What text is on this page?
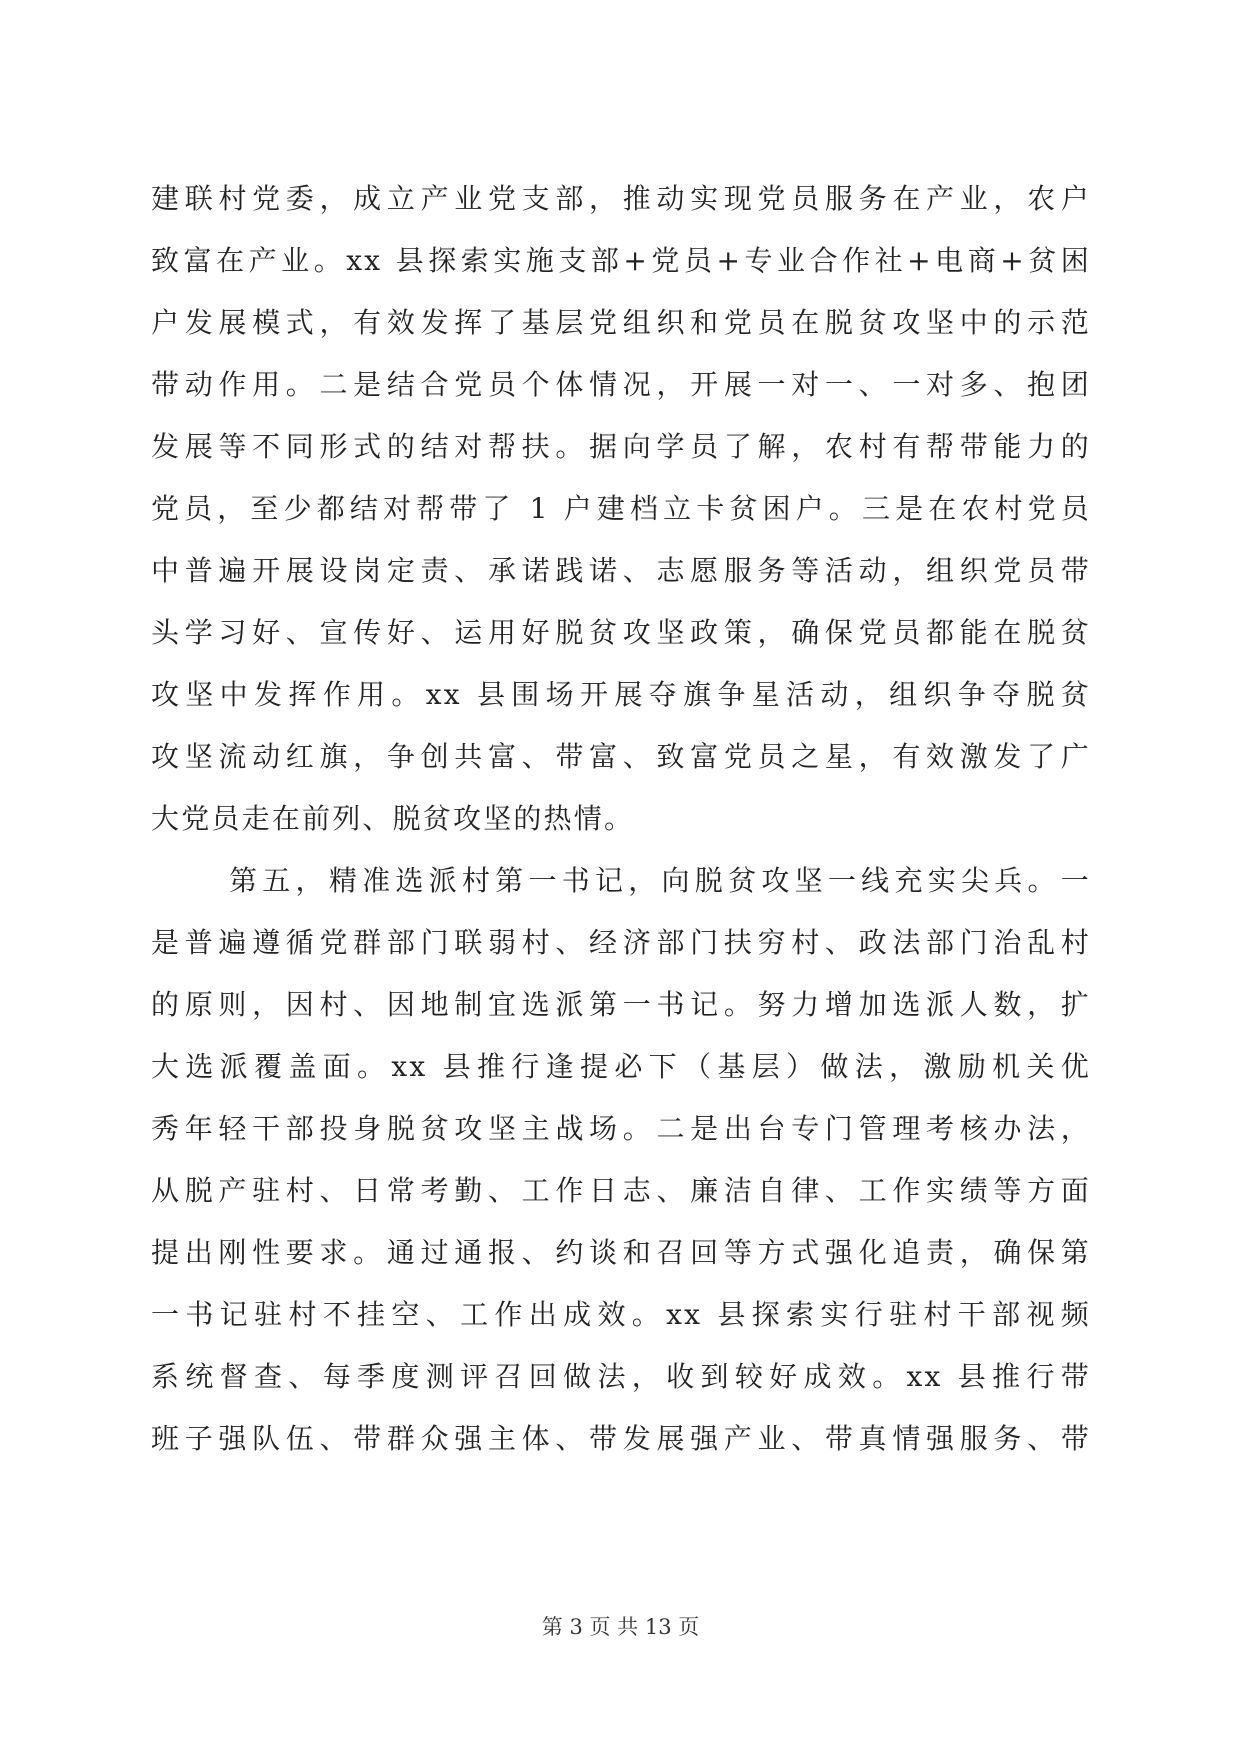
建联村党委，成立产业党支部，推动实现党员服务在产业，农户
致富在产业。xx 县探索实施支部+党员+专业合作社+电商+贫困
户发展模式，有效发挥了基层党组织和党员在脱贫攻坚中的示范
带动作用。二是结合党员个体情况，开展一对一、一对多、抱团
发展等不同形式的结对帮扶。据向学员了解，农村有帮带能力的
党员，至少都结对帮带了 1 户建档立卡贫困户。三是在农村党员
中普遍开展设岗定责、承诺践诺、志愿服务等活动，组织党员带
头学习好、宣传好、运用好脱贫攻坚政策，确保党员都能在脱贫
攻坚中发挥作用。xx 县围场开展夺旗争星活动，组织争夺脱贫
攻坚流动红旗，争创共富、带富、致富党员之星，有效激发了广
大党员走在前列、脱贫攻坚的热情。
第五，精准选派村第一书记，向脱贫攻坚一线充实尖兵。一
是普遍遵循党群部门联弱村、经济部门扶穷村、政法部门治乱村
的原则，因村、因地制宜选派第一书记。努力增加选派人数，扩
大选派覆盖面。xx 县推行逢提必下（基层）做法，激励机关优
秀年轻干部投身脱贫攻坚主战场。二是出台专门管理考核办法，
从脱产驻村、日常考勤、工作日志、廉洁自律、工作实绩等方面
提出刚性要求。通过通报、约谈和召回等方式强化追责，确保第
一书记驻村不挂空、工作出成效。xx 县探索实行驻村干部视频
系统督查、每季度测评召回做法，收到较好成效。xx 县推行带
班子强队伍、带群众强主体、带发展强产业、带真情强服务、带
第 3 页 共 13 页
